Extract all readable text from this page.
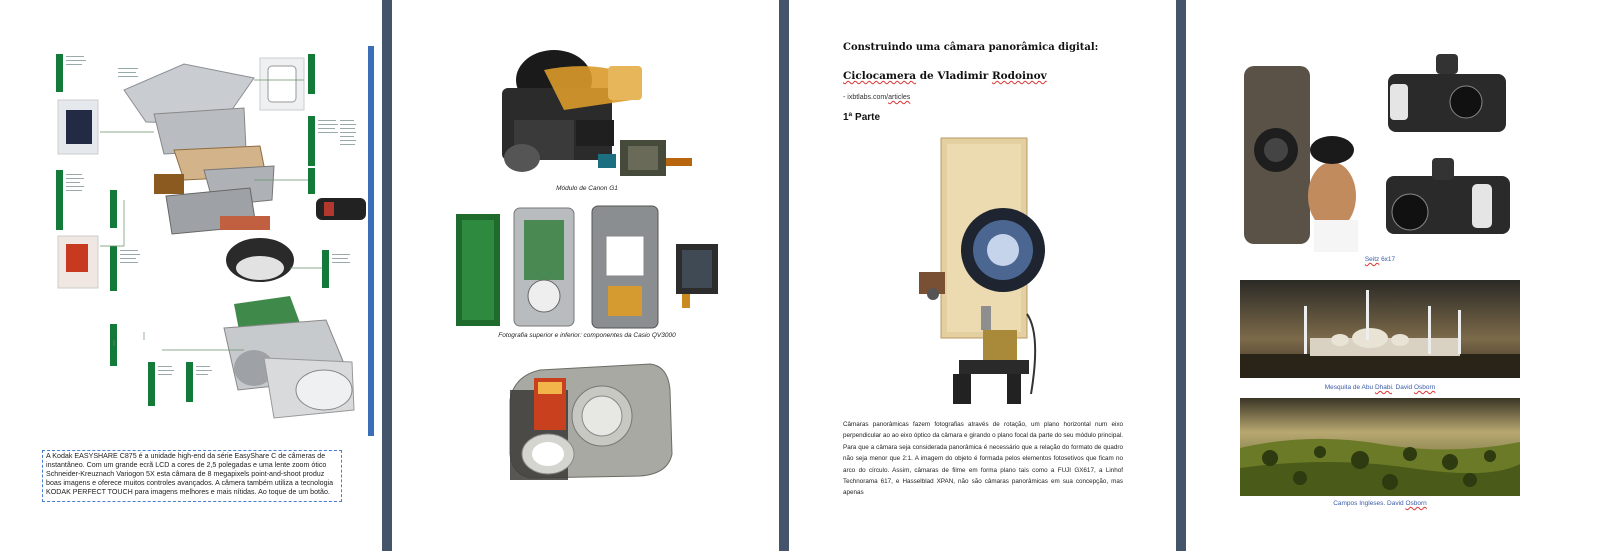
A Kodak EASYSHARE C875 é a unidade high-end da série EasyShare C de câmeras de instantâneo. Com um grande ecrã LCD a cores de 2,5 polegadas e uma lente zoom ótico Schneider-Kreuznach Variogon 5X esta câmara de 8 megapixels point-and-shoot produz boas imagens e oferece muitos controles avançados. A câmera também utiliza a tecnologia KODAK PERFECT TOUCH para imagens melhores e mais nítidas. Ao toque de um botão.
Módulo de Canon G1
Fotografia superior e inferior: componentes da Casio QV3000
Construindo uma câmara panorâmica digital:
Ciclocamera de Vladimir Rodoinov
- ixbtlabs.com/articles
1ª Parte
Câmaras panorâmicas fazem fotografias através de rotação, um plano horizontal num eixo perpendicular ao ao eixo óptico da câmara e girando o plano focal da parte do seu módulo principal. Para que a câmara seja considerada panorâmica é necessário que a relação do formato de quadro não seja menor que 2:1. A imagem do objeto é formada pelos elementos fotosetivos que ficam no arco do círculo. Assim, câmaras de filme em forma plano tais como a FUJI GX617, a Linhof Technorama 617, e Hasselblad XPAN, não são câmaras panorâmicas em sua concepção, mas apenas
Seitz 6x17
Mesquita de Abu Dhabi. David Osborn
Campos Ingleses. David Osborn
